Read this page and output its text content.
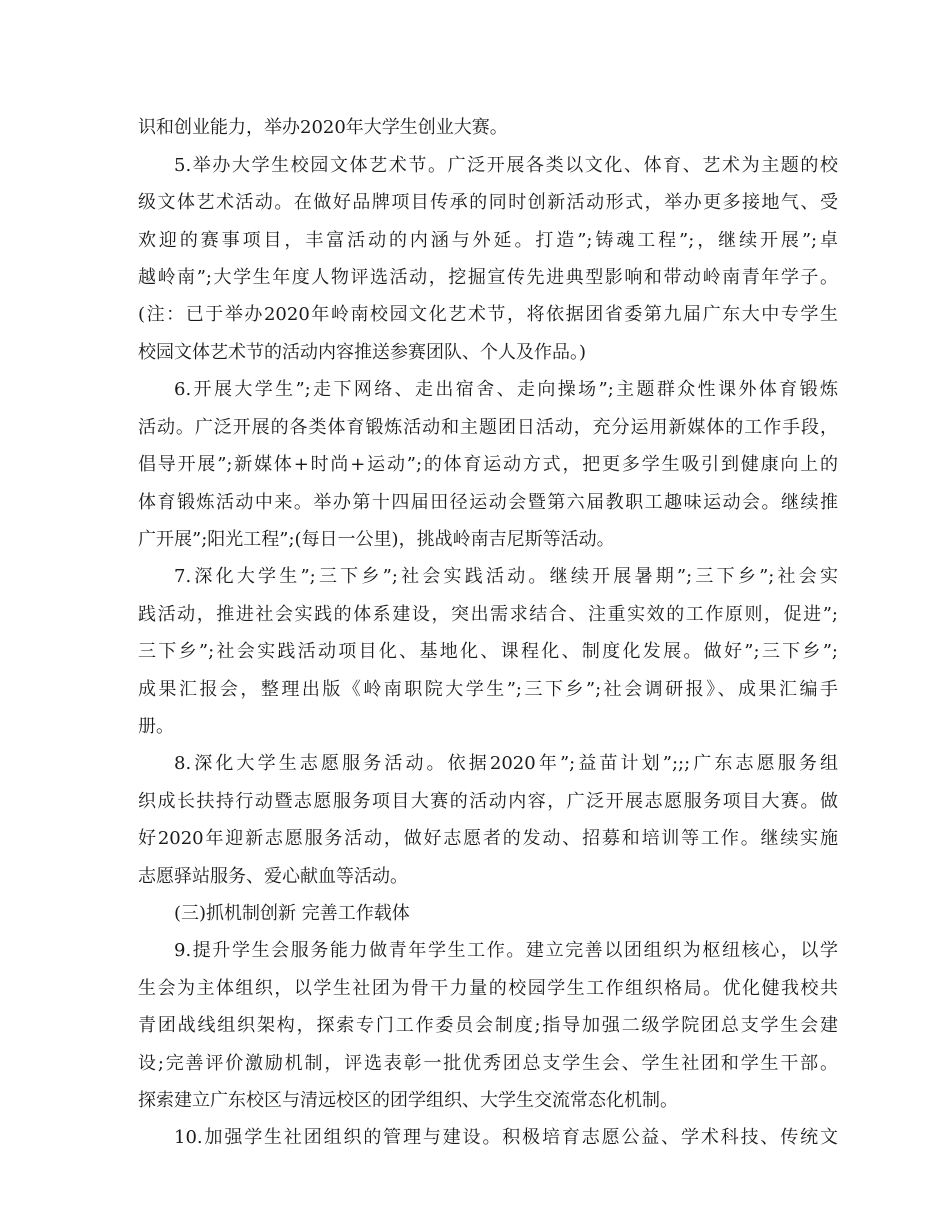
识和创业能力，举办2020年大学生创业大赛。
5.举办大学生校园文体艺术节。广泛开展各类以文化、体育、艺术为主题的校
级文体艺术活动。在做好品牌项目传承的同时创新活动形式，举办更多接地气、受
欢迎的赛事项目，丰富活动的内涵与外延。打造”;铸魂工程”;，继续开展”;卓
越岭南”;大学生年度人物评选活动，挖掘宣传先进典型影响和带动岭南青年学子。
(注：已于举办2020年岭南校园文化艺术节，将依据团省委第九届广东大中专学生
校园文体艺术节的活动内容推送参赛团队、个人及作品。)
6.开展大学生”;走下网络、走出宿舍、走向操场”;主题群众性课外体育锻炼
活动。广泛开展的各类体育锻炼活动和主题团日活动，充分运用新媒体的工作手段，
倡导开展”;新媒体+时尚+运动”;的体育运动方式，把更多学生吸引到健康向上的
体育锻炼活动中来。举办第十四届田径运动会暨第六届教职工趣味运动会。继续推
广开展”;阳光工程”;(每日一公里)，挑战岭南吉尼斯等活动。
7.深化大学生”;三下乡”;社会实践活动。继续开展暑期”;三下乡”;社会实
践活动，推进社会实践的体系建设，突出需求结合、注重实效的工作原则，促进”;
三下乡”;社会实践活动项目化、基地化、课程化、制度化发展。做好”;三下乡”;
成果汇报会，整理出版《岭南职院大学生”;三下乡”;社会调研报》、成果汇编手
册。
8.深化大学生志愿服务活动。依据2020年”;益苗计划”;;;广东志愿服务组
织成长扶持行动暨志愿服务项目大赛的活动内容，广泛开展志愿服务项目大赛。做
好2020年迎新志愿服务活动，做好志愿者的发动、招募和培训等工作。继续实施
志愿驿站服务、爱心献血等活动。
(三)抓机制创新 完善工作载体
9.提升学生会服务能力做青年学生工作。建立完善以团组织为枢纽核心，以学
生会为主体组织，以学生社团为骨干力量的校园学生工作组织格局。优化健我校共
青团战线组织架构，探索专门工作委员会制度;指导加强二级学院团总支学生会建
设;完善评价激励机制，评选表彰一批优秀团总支学生会、学生社团和学生干部。
探索建立广东校区与清远校区的团学组织、大学生交流常态化机制。
10.加强学生社团组织的管理与建设。积极培育志愿公益、学术科技、传统文
